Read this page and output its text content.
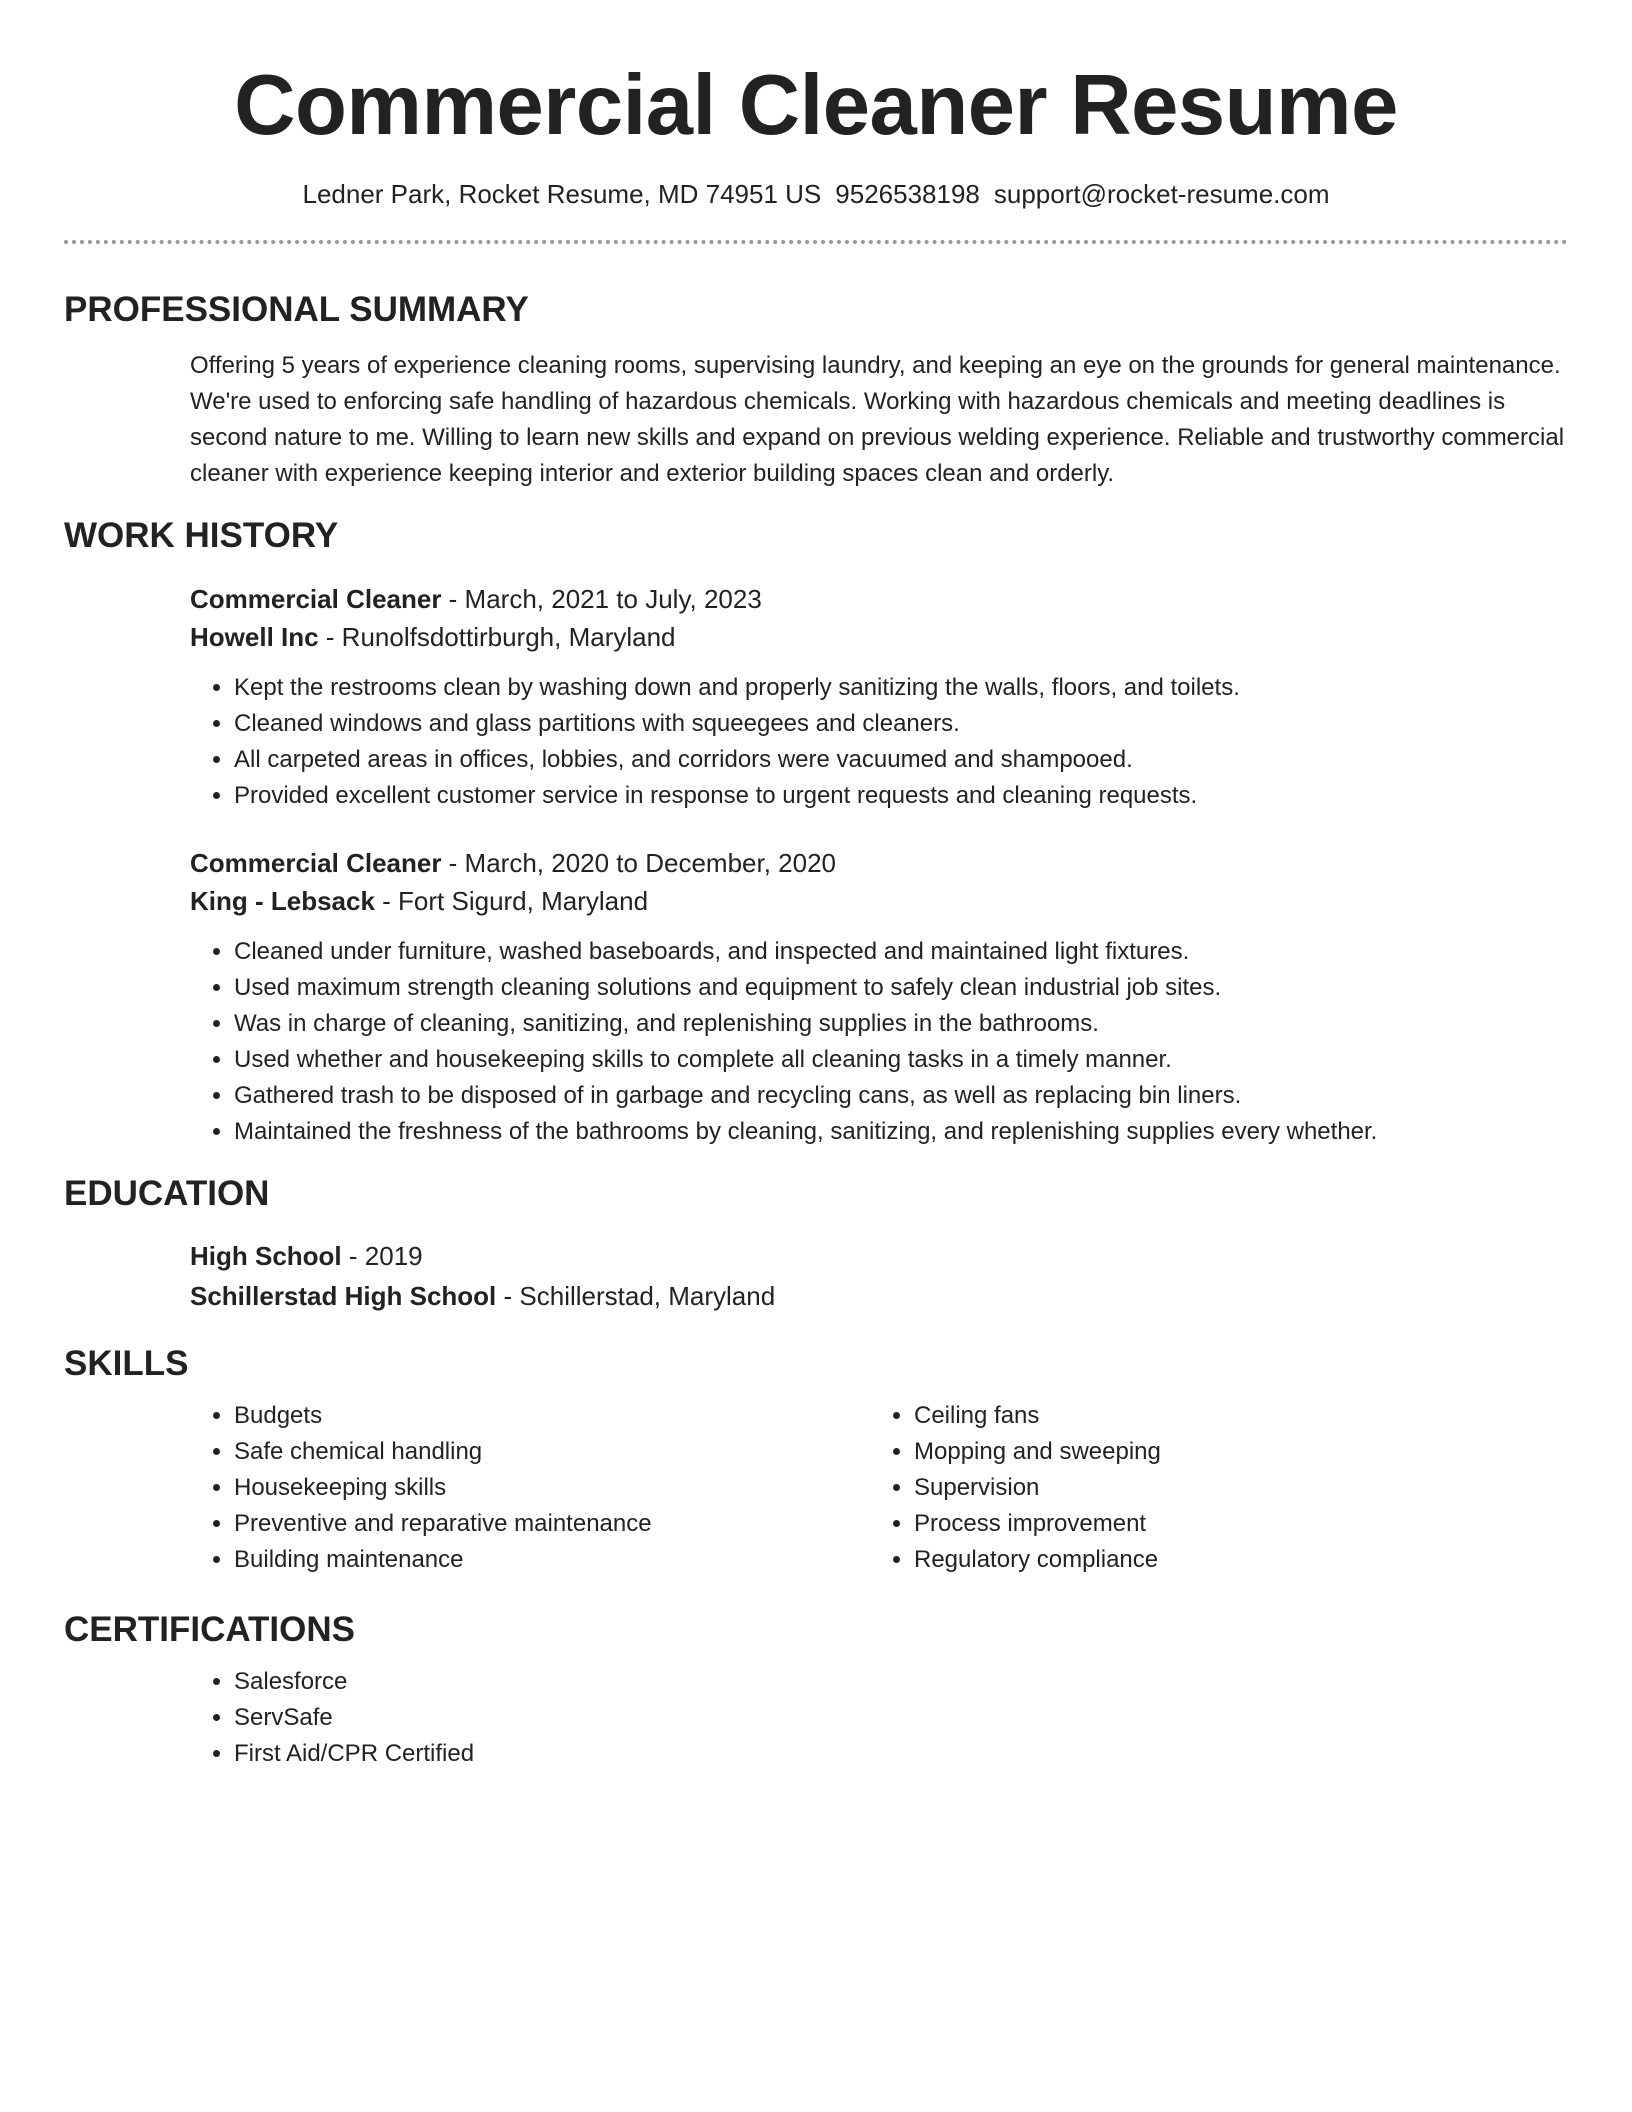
Commercial Cleaner Resume
Ledner Park, Rocket Resume, MD 74951 US 9526538198 support@rocket-resume.com
PROFESSIONAL SUMMARY
Offering 5 years of experience cleaning rooms, supervising laundry, and keeping an eye on the grounds for general maintenance. We're used to enforcing safe handling of hazardous chemicals. Working with hazardous chemicals and meeting deadlines is second nature to me. Willing to learn new skills and expand on previous welding experience. Reliable and trustworthy commercial cleaner with experience keeping interior and exterior building spaces clean and orderly.
WORK HISTORY
Commercial Cleaner - March, 2021 to July, 2023
Howell Inc - Runolfsdottirburgh, Maryland
• Kept the restrooms clean by washing down and properly sanitizing the walls, floors, and toilets.
• Cleaned windows and glass partitions with squeegees and cleaners.
• All carpeted areas in offices, lobbies, and corridors were vacuumed and shampooed.
• Provided excellent customer service in response to urgent requests and cleaning requests.
Commercial Cleaner - March, 2020 to December, 2020
King - Lebsack - Fort Sigurd, Maryland
• Cleaned under furniture, washed baseboards, and inspected and maintained light fixtures.
• Used maximum strength cleaning solutions and equipment to safely clean industrial job sites.
• Was in charge of cleaning, sanitizing, and replenishing supplies in the bathrooms.
• Used whether and housekeeping skills to complete all cleaning tasks in a timely manner.
• Gathered trash to be disposed of in garbage and recycling cans, as well as replacing bin liners.
• Maintained the freshness of the bathrooms by cleaning, sanitizing, and replenishing supplies every whether.
EDUCATION
High School - 2019
Schillerstad High School - Schillerstad, Maryland
SKILLS
• Budgets
• Safe chemical handling
• Housekeeping skills
• Preventive and reparative maintenance
• Building maintenance
• Ceiling fans
• Mopping and sweeping
• Supervision
• Process improvement
• Regulatory compliance
CERTIFICATIONS
• Salesforce
• ServSafe
• First Aid/CPR Certified
